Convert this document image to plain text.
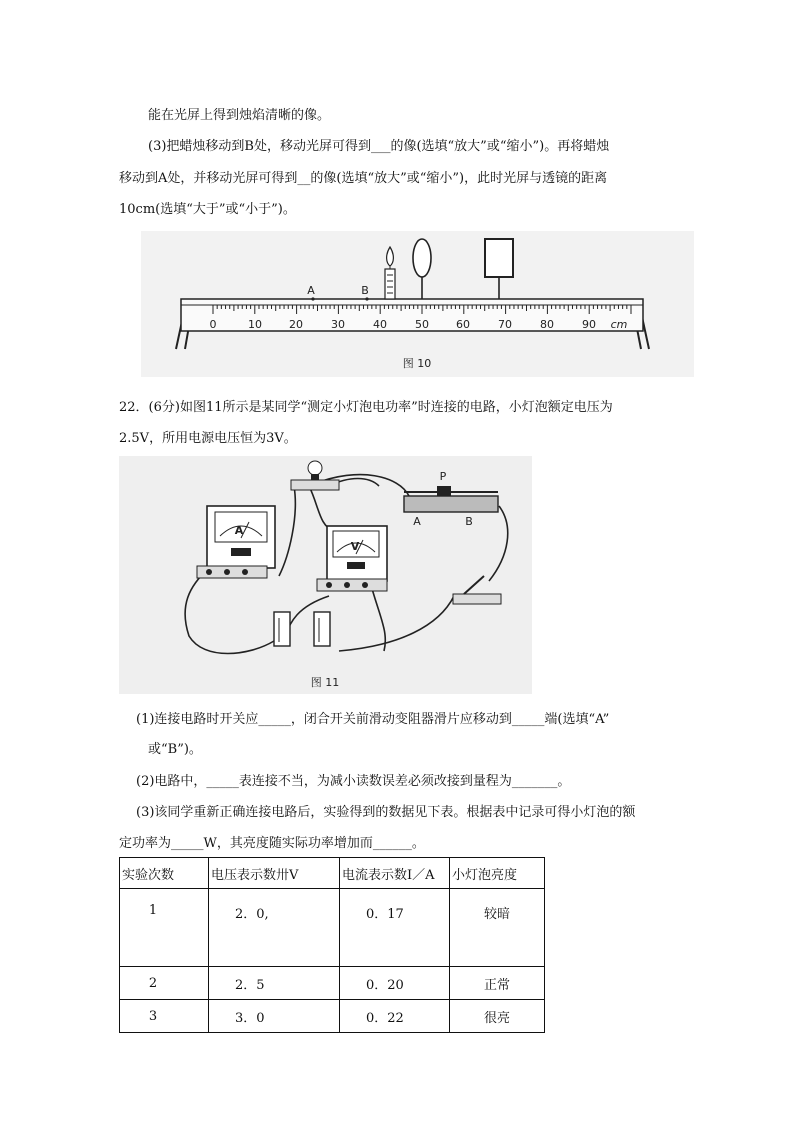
能在光屏上得到烛焰清晰的像。
(3)把蜡烛移动到B处，移动光屏可得到___的像(选填“放大”或“缩小”)。再将蜡烛
移动到A处，并移动光屏可得到__的像(选填“放大”或“缩小”)，此时光屏与透镜的距离
10cm(选填“大于”或“小于”)。
0	10 20	30	40	50 60	70	80	90 cm
A	B
图 10
22．(6分)如图11所示是某同学“测定小灯泡电功率”时连接的电路，小灯泡额定电压为
2.5V，所用电源电压恒为3V。
A
V
P
A	B
图 11
(1)连接电路时开关应_____，闭合开关前滑动变阻器滑片应移动到_____端(选填“A”
或“B”)。
(2)电路中，_____表连接不当，为减小读数误差必须改接到量程为_______。
(3)该同学重新正确连接电路后，实验得到的数据见下表。根据表中记录可得小灯泡的额
定功率为_____W，其亮度随实际功率增加而______。
实验次数	电压表示数卅V	电流表示数I／A	小灯泡亮度
1	2．0,	0．17	较暗
2	2．5	0．20	正常
3	3．0	0．22	很亮
